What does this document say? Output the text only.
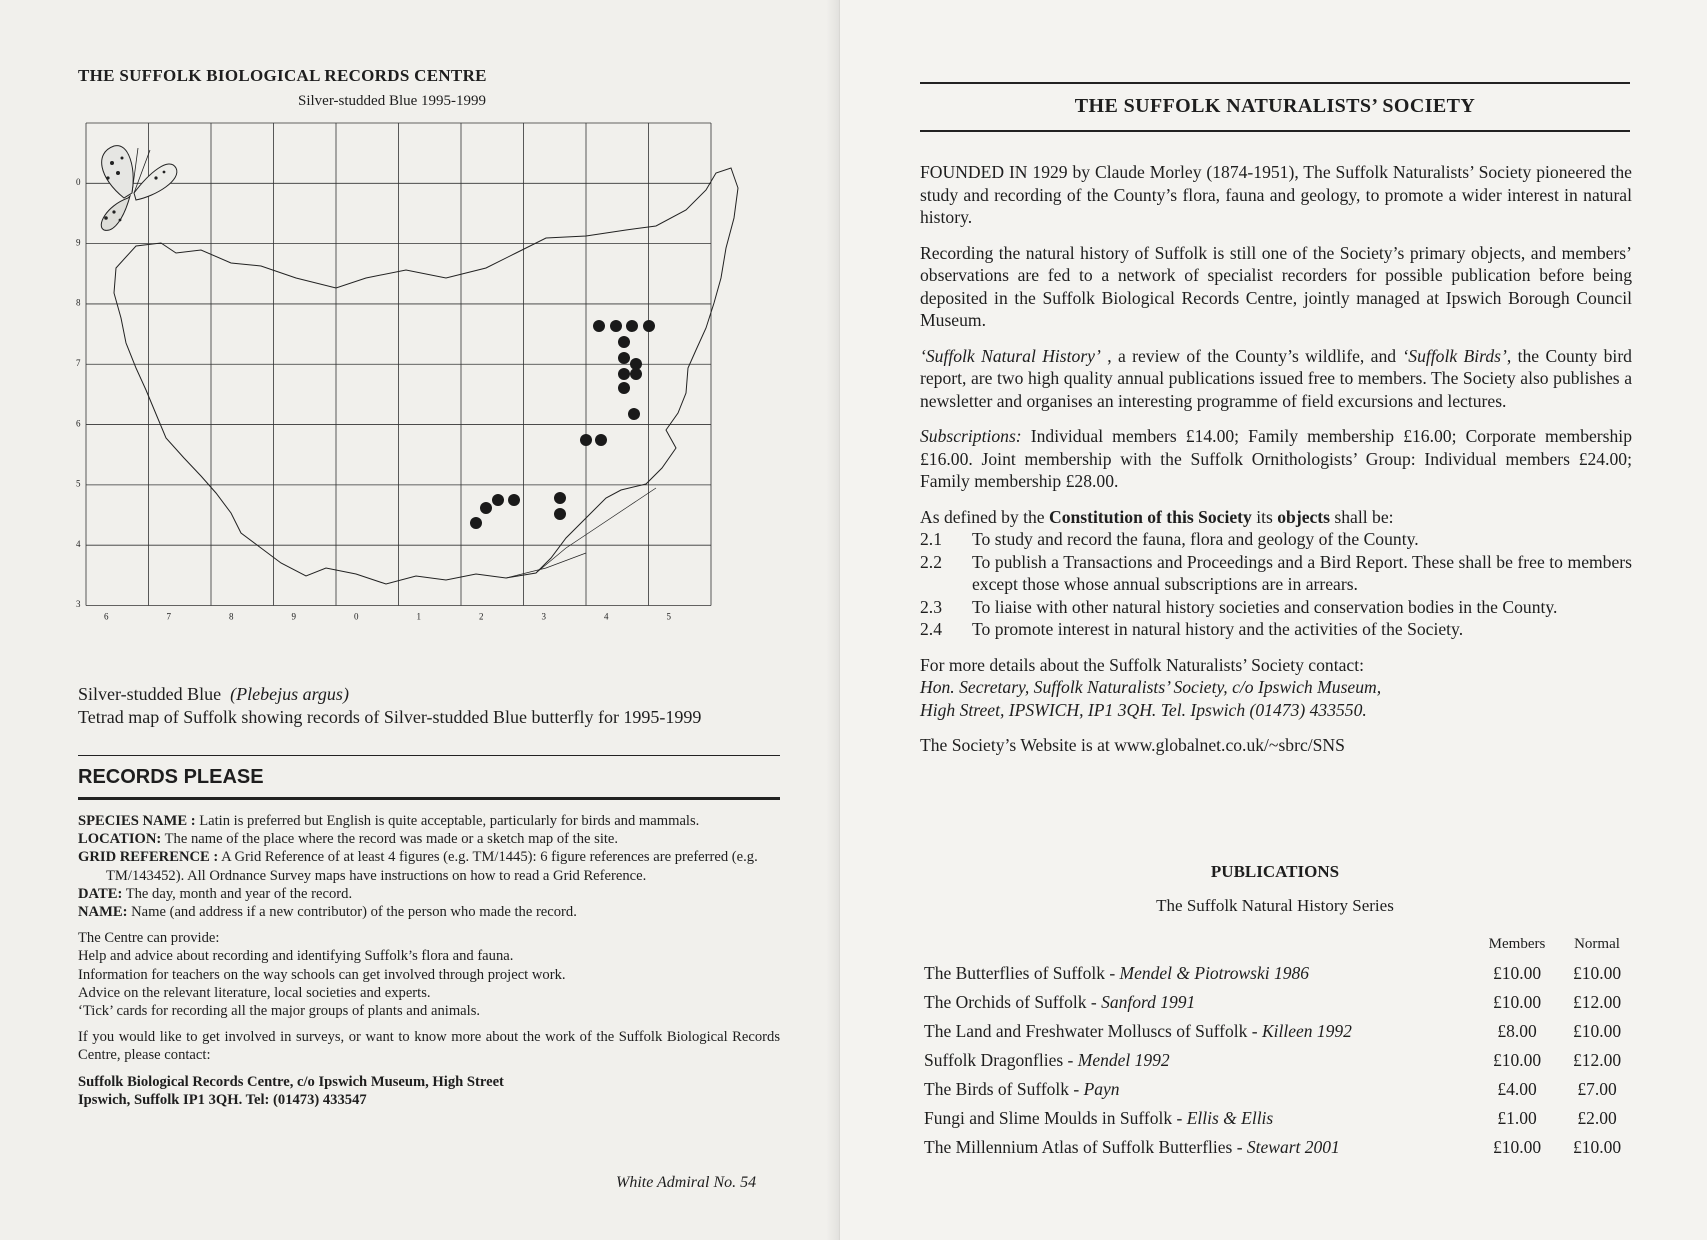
THE SUFFOLK BIOLOGICAL RECORDS CENTRE
Silver-studded Blue 1995-1999
6	7	8	9	0	1	2	3	4	5
0
9
8
7
6
5
4
3
Silver-studded Blue (Plebejus argus)
Tetrad map of Suffolk showing records of Silver-studded Blue butterfly for 1995-1999
RECORDS PLEASE

SPECIES NAME : Latin is preferred but English is quite acceptable, particularly for birds and mammals.

LOCATION: The name of the place where the record was made or a sketch map of the site.

GRID REFERENCE : A Grid Reference of at least 4 figures (e.g. TM/1445): 6 figure references are preferred (e.g. TM/143452). All Ordnance Survey maps have instructions on how to read a Grid Reference.

DATE: The day, month and year of the record.

NAME: Name (and address if a new contributor) of the person who made the record.

The Centre can provide:

Help and advice about recording and identifying Suffolk’s flora and fauna.

Information for teachers on the way schools can get involved through project work.

Advice on the relevant literature, local societies and experts.

‘Tick’ cards for recording all the major groups of plants and animals.

If you would like to get involved in surveys, or want to know more about the work of the Suffolk Biological Records Centre, please contact:

Suffolk Biological Records Centre, c/o Ipswich Museum, High Street

Ipswich, Suffolk IP1 3QH. Tel: (01473) 433547

White Admiral No. 54
THE SUFFOLK NATURALISTS’ SOCIETY

FOUNDED IN 1929 by Claude Morley (1874-1951), The Suffolk Naturalists’ Society pioneered the study and recording of the County’s flora, fauna and geology, to promote a wider interest in natural history.

Recording the natural history of Suffolk is still one of the Society’s primary objects, and members’ observations are fed to a network of specialist recorders for possible publication before being deposited in the Suffolk Biological Records Centre, jointly managed at Ipswich Borough Council Museum.

‘Suffolk Natural History’ , a review of the County’s wildlife, and ‘Suffolk Birds’, the County bird report, are two high quality annual publications issued free to members. The Society also publishes a newsletter and organises an interesting programme of field excursions and lectures.

Subscriptions: Individual members £14.00; Family membership £16.00; Corporate membership £16.00. Joint membership with the Suffolk Ornithologists’ Group: Individual members £24.00; Family membership £28.00.

As defined by the Constitution of this Society its objects shall be:

2.1	To study and record the fauna, flora and geology of the County.
2.2	To publish a Transactions and Proceedings and a Bird Report. These shall be free to members except those whose annual subscriptions are in arrears.
2.3	To liaise with other natural history societies and conservation bodies in the County.
2.4	To promote interest in natural history and the activities of the Society.

For more details about the Suffolk Naturalists’ Society contact:

Hon. Secretary, Suffolk Naturalists’ Society, c/o Ipswich Museum,

High Street, IPSWICH, IP1 3QH. Tel. Ipswich (01473) 433550.

The Society’s Website is at www.globalnet.co.uk/~sbrc/SNS

PUBLICATIONS
The Suffolk Natural History Series
Members	Normal
The Butterflies of Suffolk - Mendel & Piotrowski 1986	£10.00	£10.00
The Orchids of Suffolk - Sanford 1991	£10.00	£12.00
The Land and Freshwater Molluscs of Suffolk - Killeen 1992	£8.00	£10.00
Suffolk Dragonflies - Mendel 1992	£10.00	£12.00
The Birds of Suffolk - Payn	£4.00	£7.00
Fungi and Slime Moulds in Suffolk - Ellis & Ellis	£1.00	£2.00
The Millennium Atlas of Suffolk Butterflies - Stewart 2001	£10.00	£10.00
